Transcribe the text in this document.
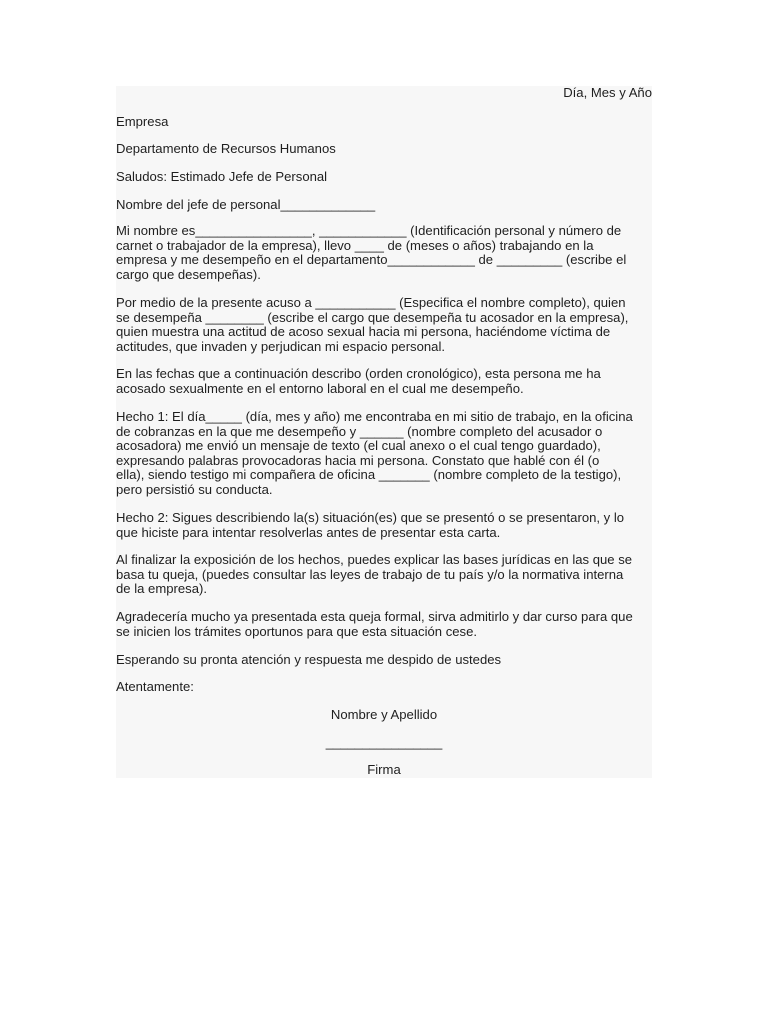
Día, Mes y Año

Empresa

Departamento de Recursos Humanos

Saludos: Estimado Jefe de Personal

Nombre del jefe de personal_____________

Mi nombre es________________, ____________ (Identificación personal y número de
carnet o trabajador de la empresa), llevo ____ de (meses o años) trabajando en la
empresa y me desempeño en el departamento____________ de _________ (escribe el
cargo que desempeñas).

Por medio de la presente acuso a ___________ (Especifica el nombre completo), quien
se desempeña ________ (escribe el cargo que desempeña tu acosador en la empresa),
quien muestra una actitud de acoso sexual hacia mi persona, haciéndome víctima de
actitudes, que invaden y perjudican mi espacio personal.

En las fechas que a continuación describo (orden cronológico), esta persona me ha
acosado sexualmente en el entorno laboral en el cual me desempeño.

Hecho 1: El día_____ (día, mes y año) me encontraba en mi sitio de trabajo, en la oficina
de cobranzas en la que me desempeño y ______ (nombre completo del acusador o
acosadora) me envió un mensaje de texto (el cual anexo o el cual tengo guardado),
expresando palabras provocadoras hacia mi persona. Constato que hablé con él (o
ella), siendo testigo mi compañera de oficina _______ (nombre completo de la testigo),
pero persistió su conducta.

Hecho 2: Sigues describiendo la(s) situación(es) que se presentó o se presentaron, y lo
que hiciste para intentar resolverlas antes de presentar esta carta.

Al finalizar la exposición de los hechos, puedes explicar las bases jurídicas en las que se
basa tu queja, (puedes consultar las leyes de trabajo de tu país y/o la normativa interna
de la empresa).

Agradecería mucho ya presentada esta queja formal, sirva admitirlo y dar curso para que
se inicien los trámites oportunos para que esta situación cese.

Esperando su pronta atención y respuesta me despido de ustedes

Atentamente:

Nombre y Apellido

________________

Firma
